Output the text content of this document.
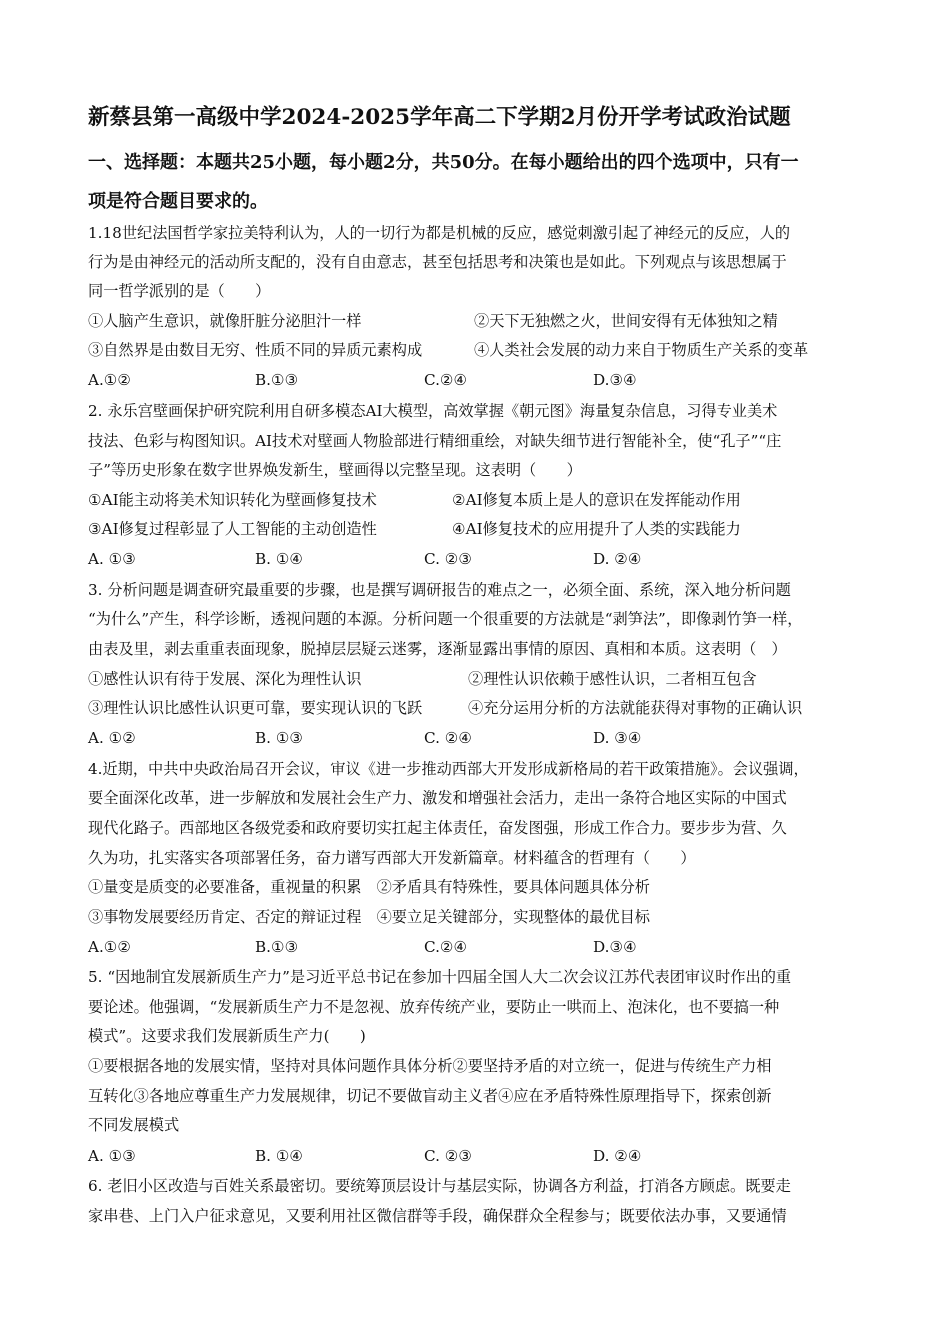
新蔡县第一高级中学2024-2025学年高二下学期2月份开学考试政治试题
一、选择题：本题共25小题，每小题2分，共50分。在每小题给出的四个选项中，只有一
项是符合题目要求的。
1.18世纪法国哲学家拉美特利认为，人的一切行为都是机械的反应，感觉刺激引起了神经元的反应，人的
行为是由神经元的活动所支配的，没有自由意志，甚至包括思考和决策也是如此。下列观点与该思想属于
同一哲学派别的是（　　）
①人脑产生意识，就像肝脏分泌胆汁一样	②天下无独燃之火，世间安得有无体独知之精
③自然界是由数目无穷、性质不同的异质元素构成	④人类社会发展的动力来自于物质生产关系的变革
A.①②	B.①③	C.②④	D.③④
2. 永乐宫壁画保护研究院利用自研多模态AI大模型，高效掌握《朝元图》海量复杂信息，习得专业美术
技法、色彩与构图知识。AI技术对壁画人物脸部进行精细重绘，对缺失细节进行智能补全，使“孔子”“庄
子”等历史形象在数字世界焕发新生，壁画得以完整呈现。这表明（　　）
①AI能主动将美术知识转化为壁画修复技术	②AI修复本质上是人的意识在发挥能动作用
③AI修复过程彰显了人工智能的主动创造性	④AI修复技术的应用提升了人类的实践能力
A. ①③	B. ①④	C. ②③	D. ②④
3. 分析问题是调查研究最重要的步骤，也是撰写调研报告的难点之一，必须全面、系统，深入地分析问题
“为什么”产生，科学诊断，透视问题的本源。分析问题一个很重要的方法就是“剥笋法”，即像剥竹笋一样，
由表及里，剥去重重表面现象，脱掉层层疑云迷雾，逐渐显露出事情的原因、真相和本质。这表明（　）
①感性认识有待于发展、深化为理性认识	②理性认识依赖于感性认识，二者相互包含
③理性认识比感性认识更可靠，要实现认识的飞跃	④充分运用分析的方法就能获得对事物的正确认识
A. ①②	B. ①③	C. ②④	D. ③④
4.近期，中共中央政治局召开会议，审议《进一步推动西部大开发形成新格局的若干政策措施》。会议强调，
要全面深化改革，进一步解放和发展社会生产力、激发和增强社会活力，走出一条符合地区实际的中国式
现代化路子。西部地区各级党委和政府要切实扛起主体责任，奋发图强，形成工作合力。要步步为营、久
久为功，扎实落实各项部署任务，奋力谱写西部大开发新篇章。材料蕴含的哲理有（　　）
①量变是质变的必要准备，重视量的积累　②矛盾具有特殊性，要具体问题具体分析
③事物发展要经历肯定、否定的辩证过程　④要立足关键部分，实现整体的最优目标
A.①②	B.①③	C.②④	D.③④
5. “因地制宜发展新质生产力”是习近平总书记在参加十四届全国人大二次会议江苏代表团审议时作出的重
要论述。他强调，“发展新质生产力不是忽视、放弃传统产业，要防止一哄而上、泡沫化，也不要搞一种
模式”。这要求我们发展新质生产力(　　)
①要根据各地的发展实情，坚持对具体问题作具体分析②要坚持矛盾的对立统一，促进与传统生产力相
互转化③各地应尊重生产力发展规律，切记不要做盲动主义者④应在矛盾特殊性原理指导下，探索创新
不同发展模式
A. ①③	B. ①④	C. ②③	D. ②④
6. 老旧小区改造与百姓关系最密切。要统筹顶层设计与基层实际，协调各方利益，打消各方顾虑。既要走
家串巷、上门入户征求意见，又要利用社区微信群等手段，确保群众全程参与；既要依法办事，又要通情
